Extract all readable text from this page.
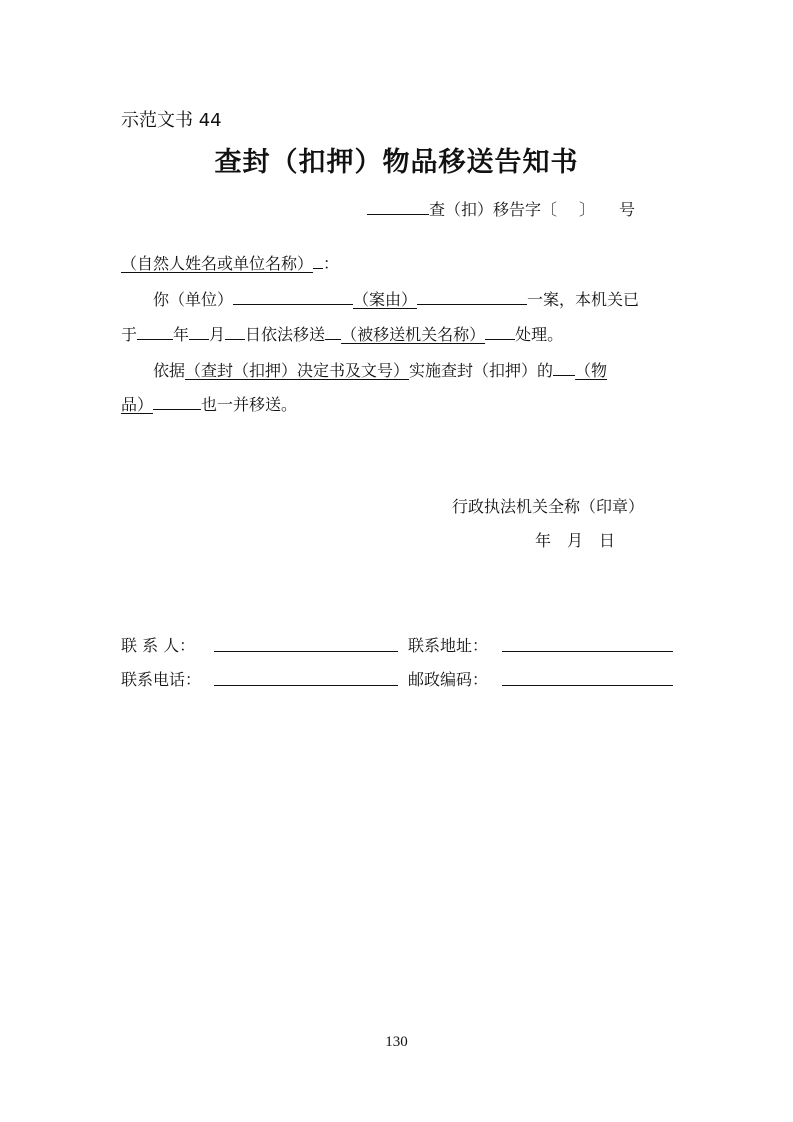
示范文书 44
查封（扣押）物品移送告知书
查（扣）移告字〔 〕 号
（自然人姓名或单位名称） ：
你（单位）	（案由）	一案，本机关已
于 年 月 日依法移送 （被移送机关名称） 处理。
依据（查封（扣押）决定书及文号）实施查封（扣押）的 （物
品）	也一并移送。
行政执法机关全称（印章）
年　月　日
联 系 人：	联系地址：
联系电话：	邮政编码：
130
